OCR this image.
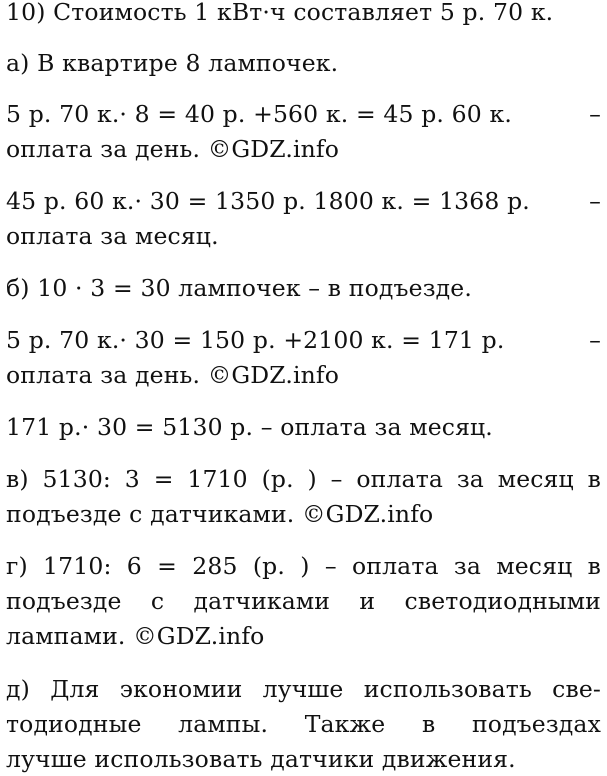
10) Стоимость 1 кВт·ч составляет 5 р. 70 к.
а) В квартире 8 лампочек.
5 р. 70 к.· 8 = 40 р. +560 к. = 45 р. 60 к.	–
оплата за день. ©GDZ.info
45 р. 60 к.· 30 = 1350 р. 1800 к. = 1368 р.	–
оплата за месяц.
б) 10 · 3 = 30 лампочек – в подъезде.
5 р. 70 к.· 30 = 150 р. +2100 к. = 171 р.	–
оплата за день. ©GDZ.info
171 р.· 30 = 5130 р. – оплата за месяц.
в) 5130: 3 = 1710 (р. ) – оплата за месяц в
подъезде с датчиками. ©GDZ.info
г) 1710: 6 = 285 (р. ) – оплата за месяц в
подъезде с датчиками и светодиодными
лампами. ©GDZ.info
д) Для экономии лучше использовать све-
тодиодные лампы. Также в подъездах
лучше использовать датчики движения.
